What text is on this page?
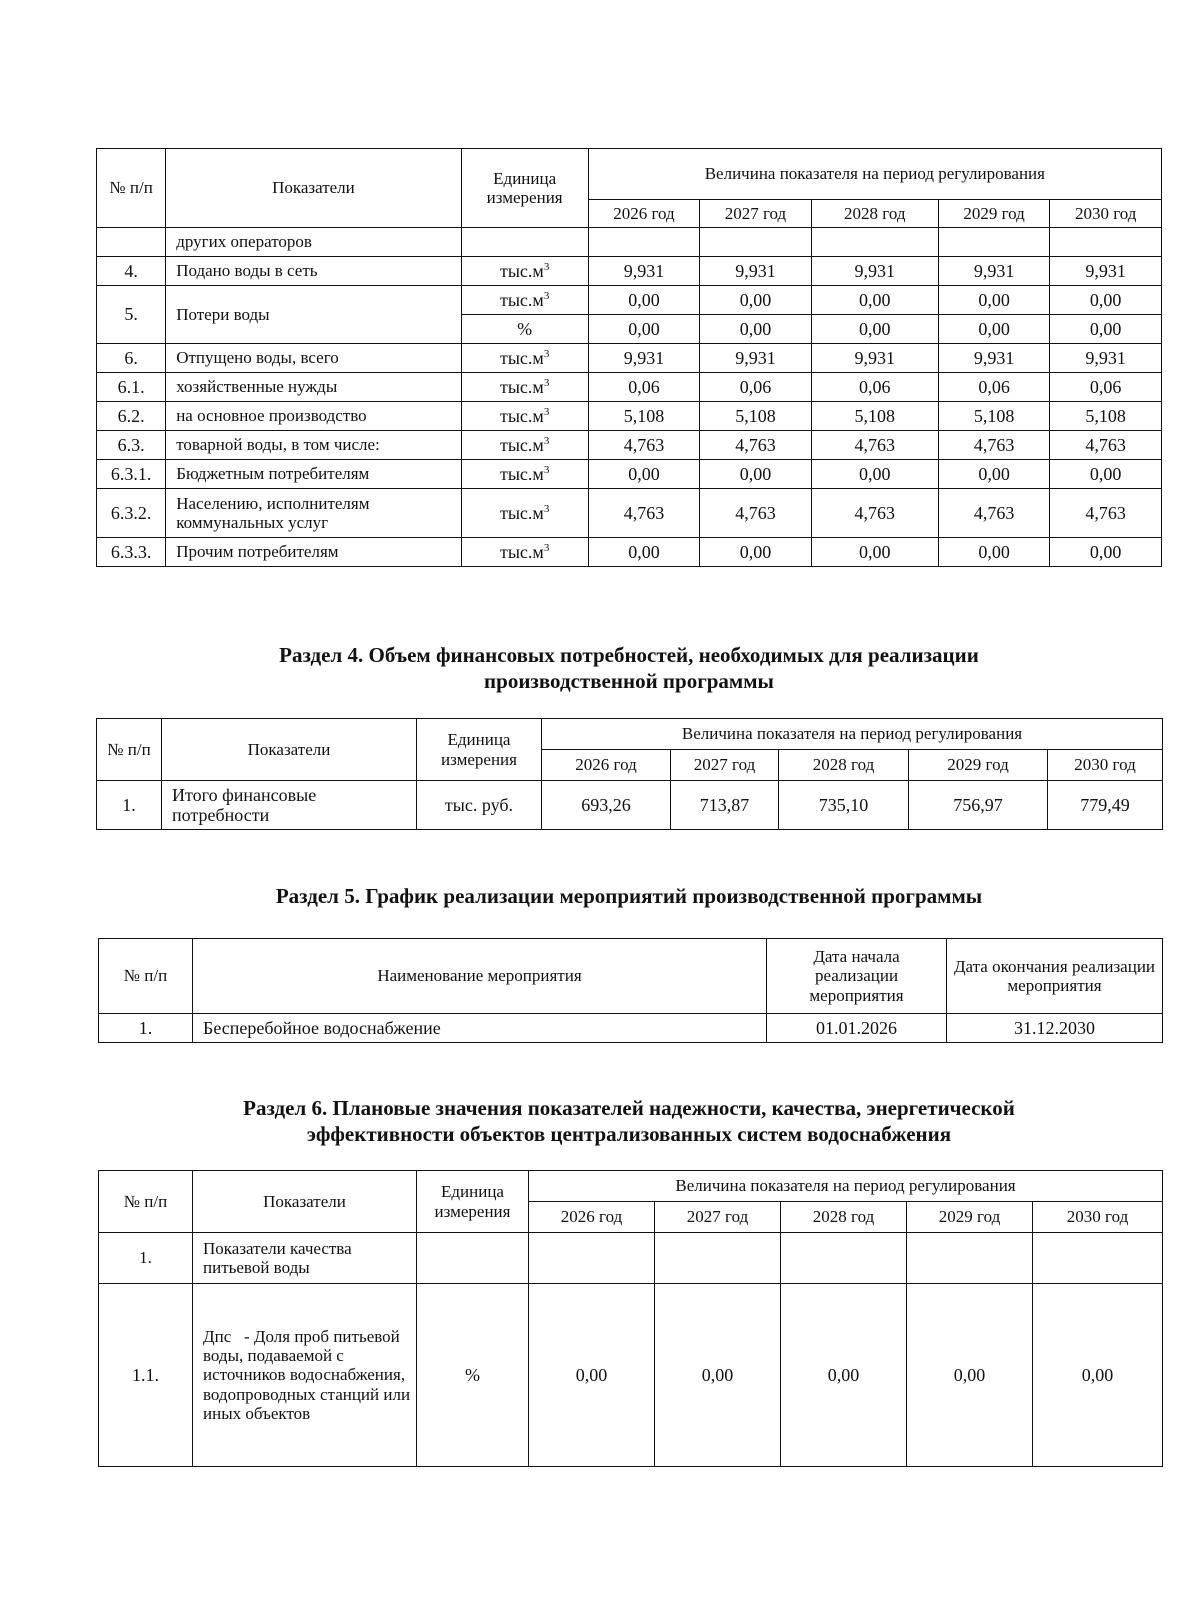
№ п/п	Показатели	Единица измерения	Величина показателя на период регулирования				
			2026 год	2027 год	2028 год	2029 год	2030 год
	других операторов						
4.	Подано воды в сеть	$тыс.м^3$	9,931	9,931	9,931	9,931	9,931
5.	Потери воды	$тыс.м^3$	0,00	0,00	0,00	0,00	0,00
		%	0,00	0,00	0,00	0,00	0,00
6.	Отпущено воды, всего	$тыс.м^3$	9,931	9,931	9,931	9,931	9,931
6.1.	хозяйственные нужды	$тыс.м^3$	0,06	0,06	0,06	0,06	0,06
6.2.	на основное производство	$тыс.м^3$	5,108	5,108	5,108	5,108	5,108
6.3.	товарной воды, в том числе:	$тыс.м^3$	4,763	4,763	4,763	4,763	4,763
6.3.1.	Бюджетным потребителям	$тыс.м^3$	0,00	0,00	0,00	0,00	0,00
6.3.2.	Населению, исполнителям коммунальных услуг	$тыс.м^3$	4,763	4,763	4,763	4,763	4,763
6.3.3.	Прочим потребителям	$тыс.м^3$	0,00	0,00	0,00	0,00	0,00
Раздел 4. Объем финансовых потребностей, необходимых для реализации
производственной программы
№ п/п	Показатели	Единица измерения	Величина показателя на период регулирования				
			2026 год	2027 год	2028 год	2029 год	2030 год
1.	Итого финансовые потребности	тыс. руб.	693,26	713,87	735,10	756,97	779,49
Раздел 5. График реализации мероприятий производственной программы
№ п/п	Наименование мероприятия	Дата начала реализации мероприятия	Дата окончания реализации мероприятия
1.	Бесперебойное водоснабжение	01.01.2026	31.12.2030
Раздел 6. Плановые значения показателей надежности, качества, энергетической
эффективности объектов централизованных систем водоснабжения
№ п/п	Показатели	Единица измерения	Величина показателя на период регулирования				
			2026 год	2027 год	2028 год	2029 год	2030 год
1.	Показатели качества питьевой воды						
1.1.	Дпс   - Доля проб питьевой воды, подаваемой с источников водоснабжения, водопроводных станций или иных объектов	%	0,00	0,00	0,00	0,00	0,00
